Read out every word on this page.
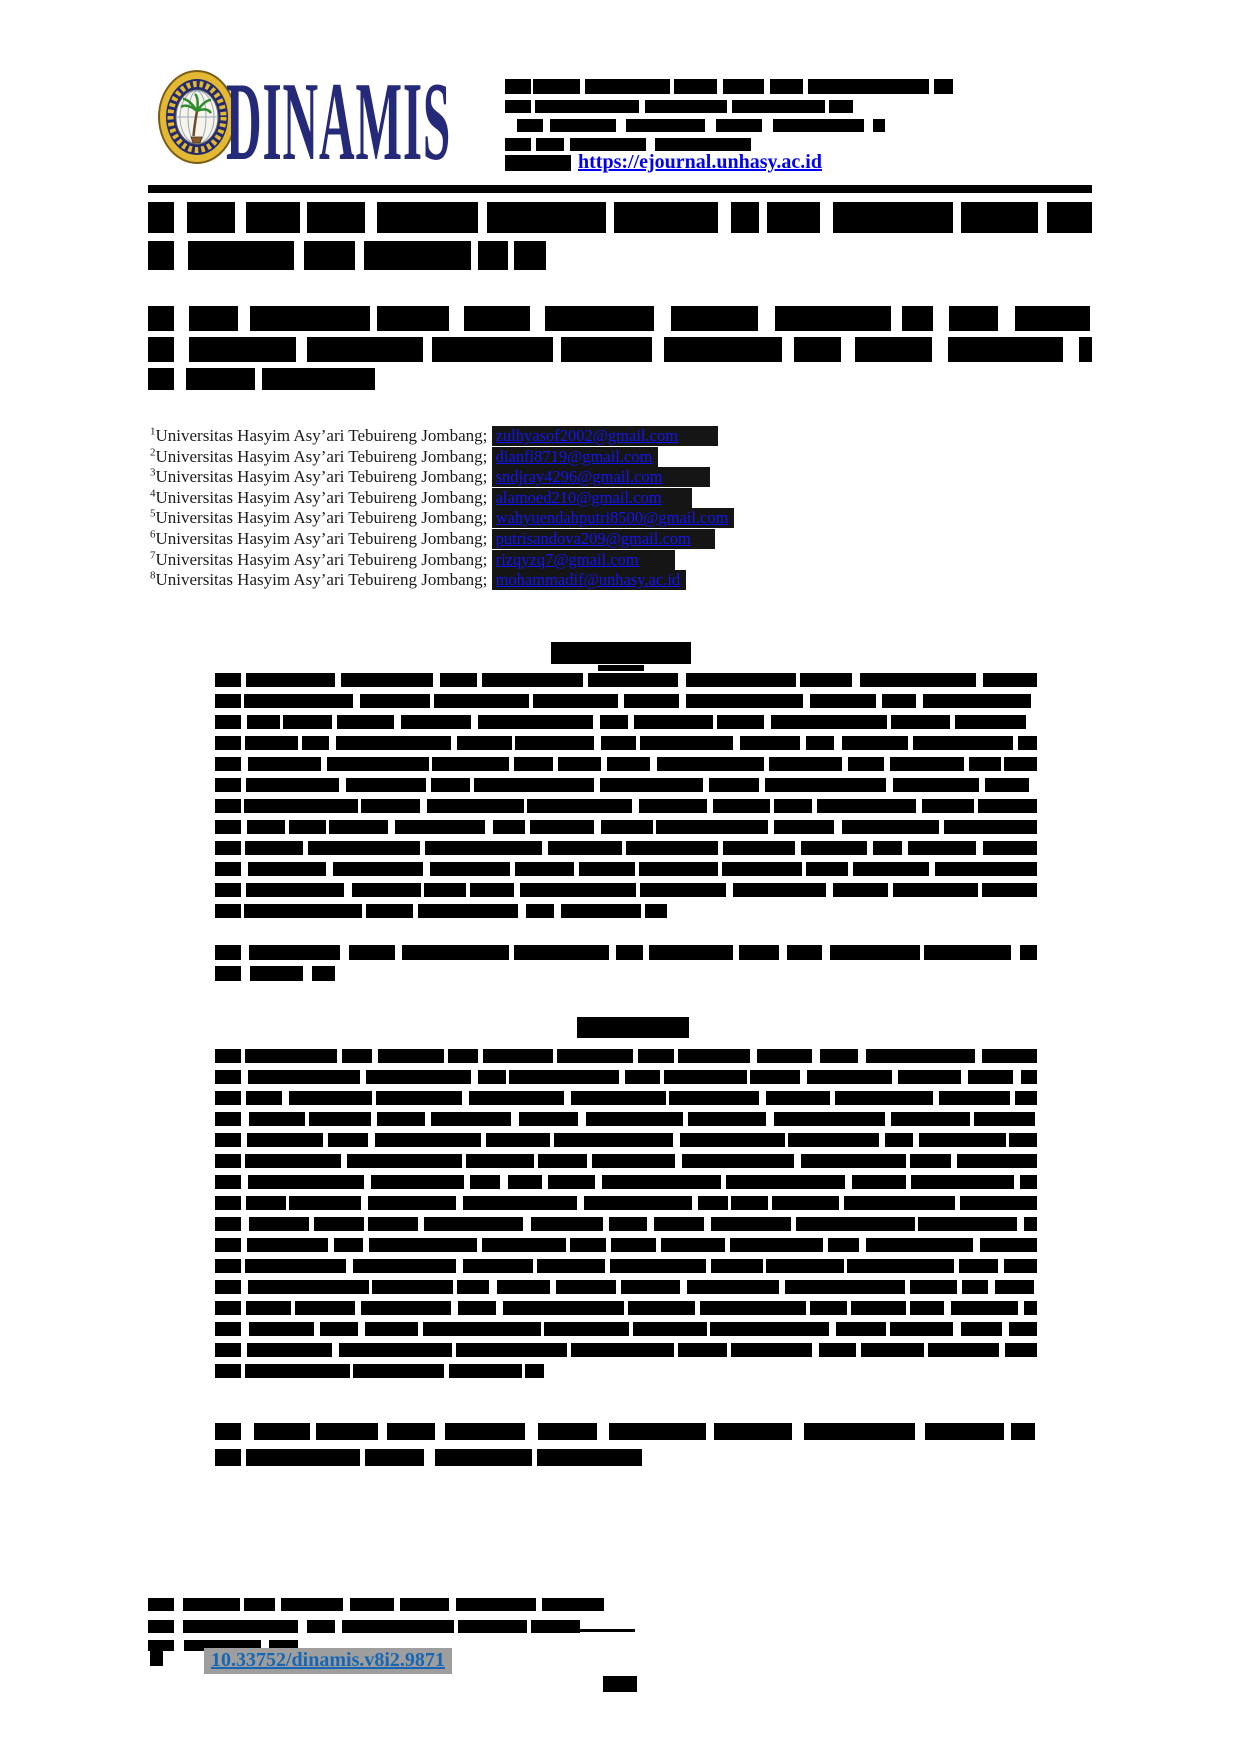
DINAMIS	https://ejournal.unhasy.ac.id
$^1$Universitas Hasyim Asy’ari Tebuireng Jombang; zulhyasof2002@gmail.com
$^2$Universitas Hasyim Asy’ari Tebuireng Jombang; dianfi8719@gmail.com
$^3$Universitas Hasyim Asy’ari Tebuireng Jombang; sndjray4296@gmail.com
$^4$Universitas Hasyim Asy’ari Tebuireng Jombang; alamoed210@gmail.com
$^5$Universitas Hasyim Asy’ari Tebuireng Jombang; wahyuendahputri8500@gmail.com
$^6$Universitas Hasyim Asy’ari Tebuireng Jombang; putrisandova209@gmail.com
$^7$Universitas Hasyim Asy’ari Tebuireng Jombang; rizqyzq7@gmail.com
$^8$Universitas Hasyim Asy’ari Tebuireng Jombang; mohammadif@unhasy.ac.id
10.33752/dinamis.v8i2.9871
